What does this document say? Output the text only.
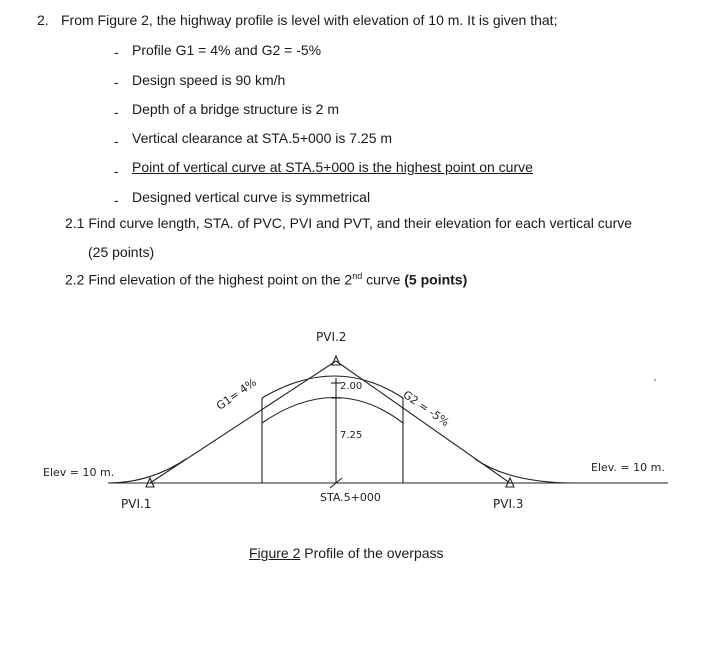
2. From Figure 2, the highway profile is level with elevation of 10 m. It is given that;
- Profile G1 = 4% and G2 = -5%
- Design speed is 90 km/h
- Depth of a bridge structure is 2 m
- Vertical clearance at STA.5+000 is 7.25 m
- Point of vertical curve at STA.5+000 is the highest point on curve
- Designed vertical curve is symmetrical
2.1 Find curve length, STA. of PVC, PVI and PVT, and their elevation for each vertical curve
(25 points)
2.2 Find elevation of the highest point on the 2nd curve (5 points)
PVI.2
G1= 4%	G2 = -5%
2.00
7.25
Elev = 10 m.	Elev. = 10 m.
PVI.1	STA.5+000	PVI.3
Figure 2 Profile of the overpass
